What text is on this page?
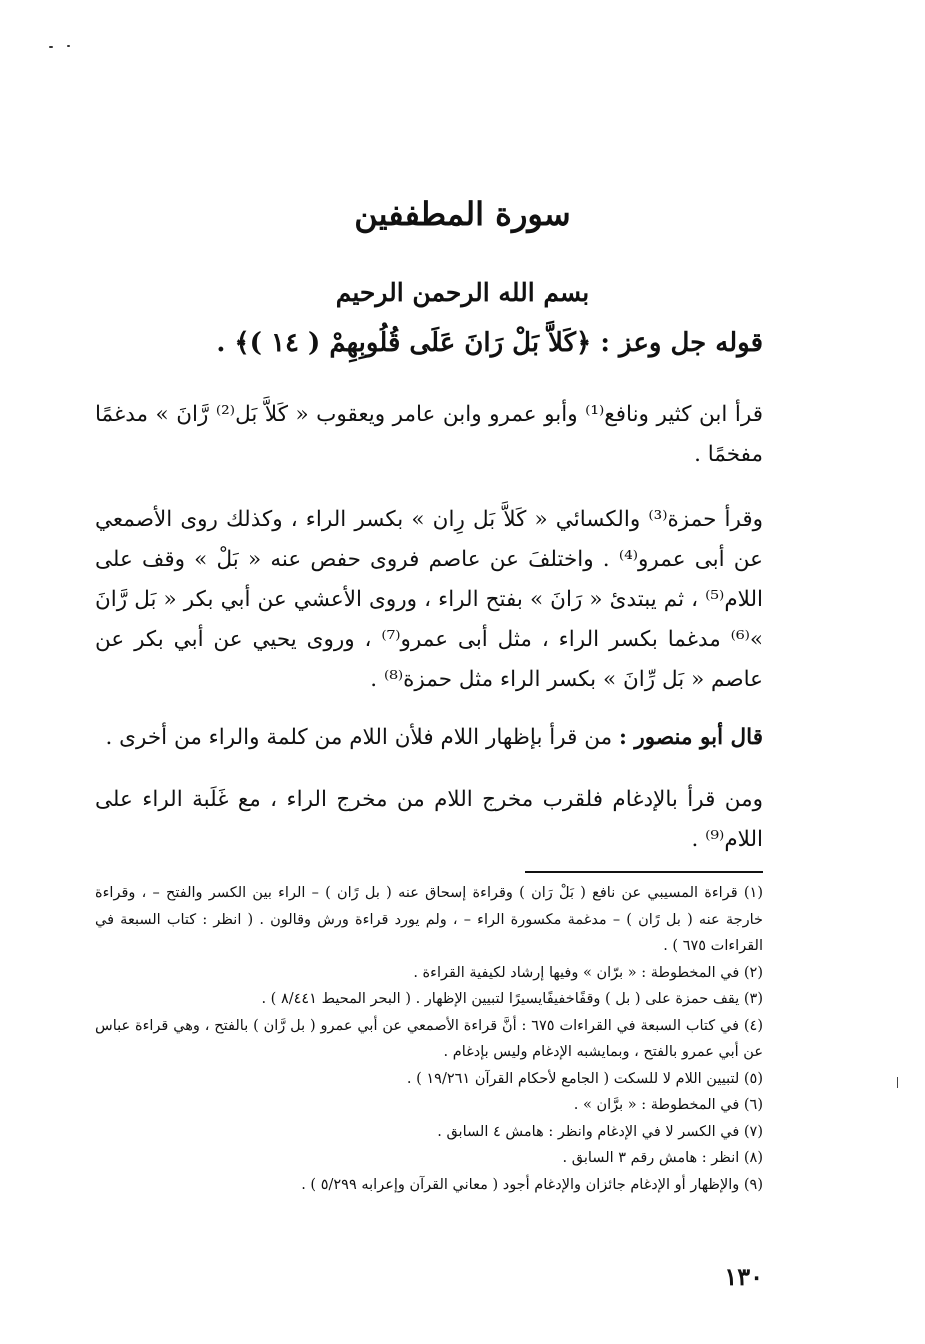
سورة المطففين
بسم الله الرحمن الرحيم

قوله جل وعز : ﴿كَلاَّ بَلْ رَانَ عَلَى قُلُوبِهِمْ ( ١٤ )﴾ .

قرأ ابن كثير ونافع⁽¹⁾ وأبو عمرو وابن عامر ويعقوب « كَلاَّ بَل⁽²⁾ رَّانَ » مدغمًا مفخمًا .

وقرأ حمزة⁽³⁾ والكسائي « كَلاَّ بَل رِان » بكسر الراء ، وكذلك روى الأصمعي عن أبى عمرو⁽⁴⁾ . واختلفَ عن عاصم فروى حفص عنه « بَلْ » وقف على اللام⁽⁵⁾ ، ثم يبتدئ « رَانَ » بفتح الراء ، وروى الأعشي عن أبي بكر « بَل رَّانَ »⁽⁶⁾ مدغما بكسر الراء ، مثل أبى عمرو⁽⁷⁾ ، وروى يحيي عن أبي بكر عن عاصم « بَل رِّانَ » بكسر الراء مثل حمزة⁽⁸⁾ .

قال أبو منصور : من قرأ بإظهار اللام فلأن اللام من كلمة والراء من أخرى .

ومن قرأ بالإدغام فلقرب مخرج اللام من مخرج الراء ، مع غَلَبة الراء على اللام⁽⁹⁾ .

(١) قراءة المسيبي عن نافع ( بَلْ رَان ) وقراءة إسحاق عنه ( بل رًان ) – الراء بين الكسر والفتح – ، وقراءة خارجة عنه ( بل رًان ) – مدغمة مكسورة الراء – ، ولم يورد قراءة ورش وقالون . ( انظر : كتاب السبعة في القراءات ٦٧٥ ) .
(٢) في المخطوطة : « برّان » وفيها إرشاد لكيفية القراءة .
(٣) يقف حمزة على ( بل ) وقفًاخفيفًايسيرًا لتبيين الإظهار . ( البحر المحيط ٨/٤٤١ ) .
(٤) في كتاب السبعة في القراءات ٦٧٥ : أنَّ قراءة الأصمعي عن أبي عمرو ( بل رَّان ) بالفتح ، وهي قراءة عباس عن أبي عمرو بالفتح ، وبمايشبه الإدغام وليس بإدغام .
(٥) لتبيين اللام لا للسكت ( الجامع لأحكام القرآن ١٩/٢٦١ ) .
(٦) في المخطوطة : « برَّان » .
(٧) في الكسر لا في الإدغام وانظر : هامش ٤ السابق .
(٨) انظر : هامش رقم ٣ السابق .
(٩) والإظهار أو الإدغام جائزان والإدغام أجود ( معاني القرآن وإعرابه ٥/٢٩٩ ) .

١٣٠
